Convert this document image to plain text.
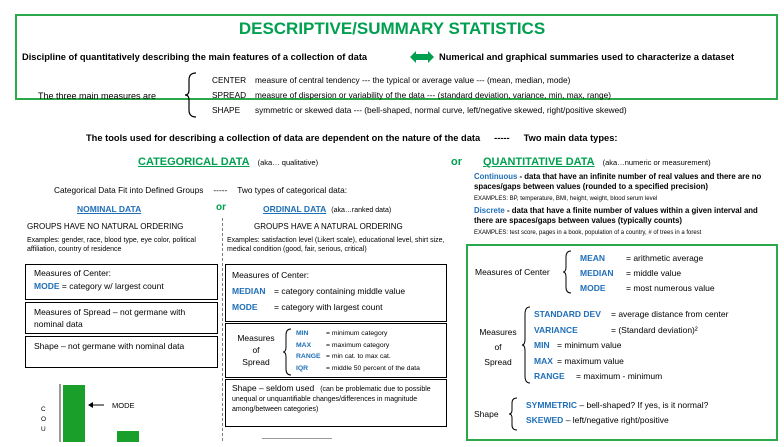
DESCRIPTIVE/SUMMARY STATISTICS
Discipline of quantitatively describing the main features of a collection of data	Numerical and graphical summaries used to characterize a dataset
The three main measures are
CENTER measure of central tendency --- the typical or average value --- (mean, median, mode)
SPREAD measure of dispersion or variability of the data --- (standard deviation, variance, min, max, range)
SHAPE symmetric or skewed data --- (bell-shaped, normal curve, left/negative skewed, right/positive skewed)
The tools used for describing a collection of data are dependent on the nature of the data ----- Two main data types:
CATEGORICAL DATA (aka… qualitative)	or QUANTITATIVE DATA (aka…numeric or measurement)
Categorical Data Fit into Defined Groups ----- Two types of categorical data:
NOMINAL DATA	or	ORDINAL DATA (aka…ranked data)
GROUPS HAVE NO NATURAL ORDERING
Examples: gender, race, blood type, eye color, political affiliation, country of residence
Measures of Center:
MODE = category w/ largest count
Measures of Spread – not germane with nominal data
Shape – not germane with nominal data
C
O
U
MODE
GROUPS HAVE A NATURAL ORDERING
Examples: satisfaction level (Likert scale), educational level, shirt size, medical condition (good, fair, serious, critical)
Measures of Center:
MEDIAN = category containing middle value
MODE = category with largest count
Measures
of
Spread
MIN	= minimum category
MAX = maximum category
RANGE = min cat. to max cat.
IQR	= middle 50 percent of the data
Shape – seldom used (can be problematic due to possible unequal or unquantifiable changes/differences in magnitude among/between categories)
Continuous - data that have an infinite number of real values and there are no spaces/gaps between values (rounded to a specified precision)
EXAMPLES: BP, temperature, BMI, height, weight, blood serum level
Discrete - data that have a finite number of values within a given interval and there are spaces/gaps between values (typically counts)
EXAMPLES: test score, pages in a book, population of a country, # of trees in a forest
Measures of Center
MEAN = arithmetic average
MEDIAN = middle value
MODE = most numerous value
Measures
of
Spread
STANDARD DEV = average distance from center
VARIANCE	= (Standard deviation)²
MIN = minimum value
MAX = maximum value
RANGE = maximum - minimum
Shape
SYMMETRIC – bell-shaped? If yes, is it normal?
SKEWED – left/negative right/positive
